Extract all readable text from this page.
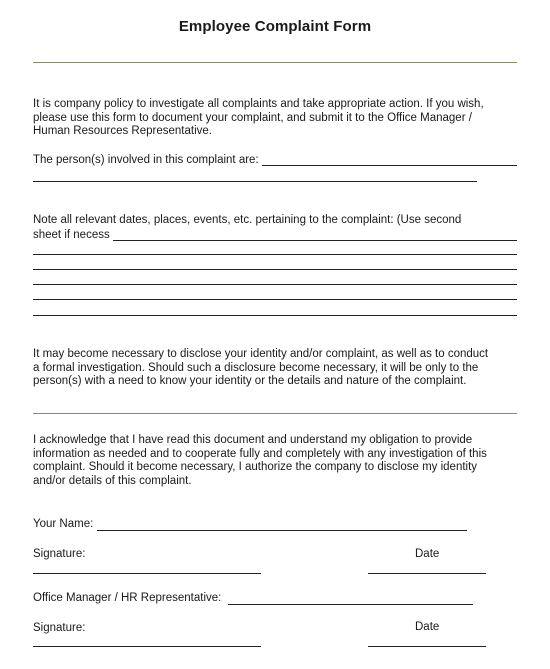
Employee Complaint Form
It is company policy to investigate all complaints and take appropriate action. If you wish,
please use this form to document your complaint, and submit it to the Office Manager /
Human Resources Representative.
The person(s) involved in this complaint are:
Note all relevant dates, places, events, etc. pertaining to the complaint: (Use second
sheet if necess
It may become necessary to disclose your identity and/or complaint, as well as to conduct
a formal investigation. Should such a disclosure become necessary, it will be only to the
person(s) with a need to know your identity or the details and nature of the complaint.
I acknowledge that I have read this document and understand my obligation to provide
information as needed and to cooperate fully and completely with any investigation of this
complaint. Should it become necessary, I authorize the company to disclose my identity
and/or details of this complaint.
Your Name:
Signature:	Date
Office Manager / HR Representative:
Signature:	Date
